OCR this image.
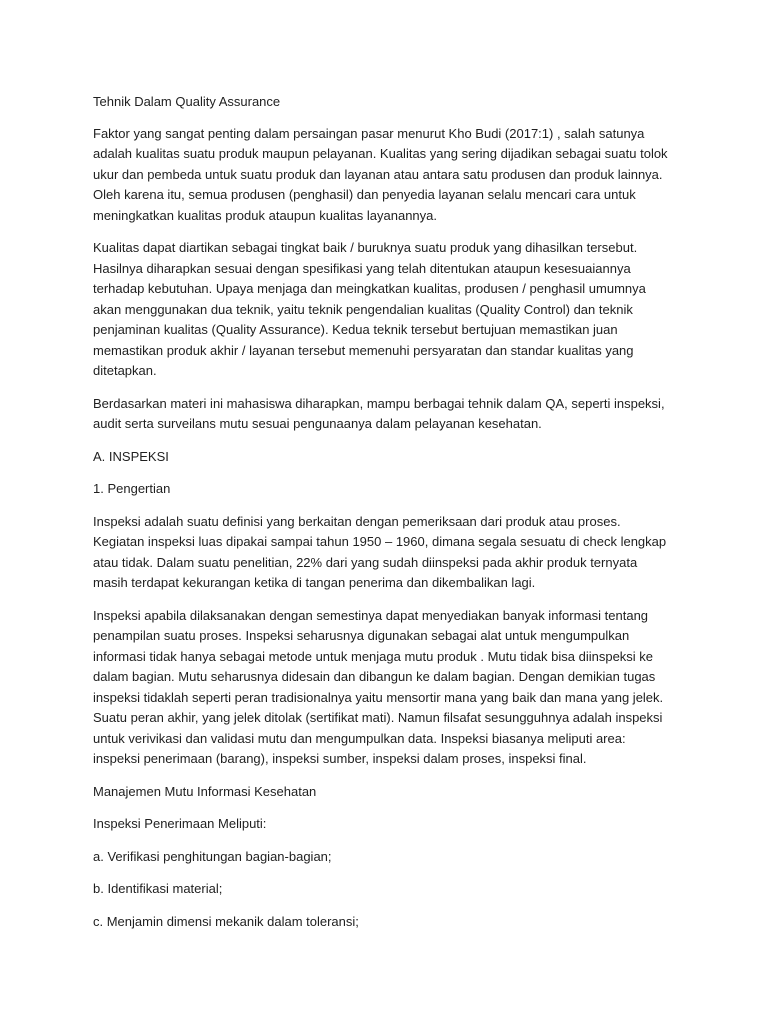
Tehnik Dalam Quality Assurance

Faktor yang sangat penting dalam persaingan pasar menurut Kho Budi (2017:1) , salah satunya adalah kualitas suatu produk maupun pelayanan. Kualitas yang sering dijadikan sebagai suatu tolok ukur dan pembeda untuk suatu produk dan layanan atau antara satu produsen dan produk lainnya. Oleh karena itu, semua produsen (penghasil) dan penyedia layanan selalu mencari cara untuk meningkatkan kualitas produk ataupun kualitas layanannya.

Kualitas dapat diartikan sebagai tingkat baik / buruknya suatu produk yang dihasilkan tersebut. Hasilnya diharapkan sesuai dengan spesifikasi yang telah ditentukan ataupun kesesuaiannya terhadap kebutuhan. Upaya menjaga dan meingkatkan kualitas, produsen / penghasil umumnya akan menggunakan dua teknik, yaitu teknik pengendalian kualitas (Quality Control) dan teknik penjaminan kualitas (Quality Assurance). Kedua teknik tersebut bertujuan memastikan juan memastikan produk akhir / layanan tersebut memenuhi persyaratan dan standar kualitas yang ditetapkan.

Berdasarkan materi ini mahasiswa diharapkan, mampu berbagai tehnik dalam QA, seperti inspeksi, audit serta surveilans mutu sesuai pengunaanya dalam pelayanan kesehatan.

A. INSPEKSI

1. Pengertian

Inspeksi adalah suatu definisi yang berkaitan dengan pemeriksaan dari produk atau proses. Kegiatan inspeksi luas dipakai sampai tahun 1950 – 1960, dimana segala sesuatu di check lengkap atau tidak. Dalam suatu penelitian, 22% dari yang sudah diinspeksi pada akhir produk ternyata masih terdapat kekurangan ketika di tangan penerima dan dikembalikan lagi.

Inspeksi apabila dilaksanakan dengan semestinya dapat menyediakan banyak informasi tentang penampilan suatu proses. Inspeksi seharusnya digunakan sebagai alat untuk mengumpulkan informasi tidak hanya sebagai metode untuk menjaga mutu produk . Mutu tidak bisa diinspeksi ke dalam bagian. Mutu seharusnya didesain dan dibangun ke dalam bagian. Dengan demikian tugas inspeksi tidaklah seperti peran tradisionalnya yaitu mensortir mana yang baik dan mana yang jelek. Suatu peran akhir, yang jelek ditolak (sertifikat mati). Namun filsafat sesungguhnya adalah inspeksi untuk verivikasi dan validasi mutu dan mengumpulkan data. Inspeksi biasanya meliputi area: inspeksi penerimaan (barang), inspeksi sumber, inspeksi dalam proses, inspeksi final.

Manajemen Mutu Informasi Kesehatan

Inspeksi Penerimaan Meliputi:

a. Verifikasi penghitungan bagian-bagian;

b. Identifikasi material;

c. Menjamin dimensi mekanik dalam toleransi;
